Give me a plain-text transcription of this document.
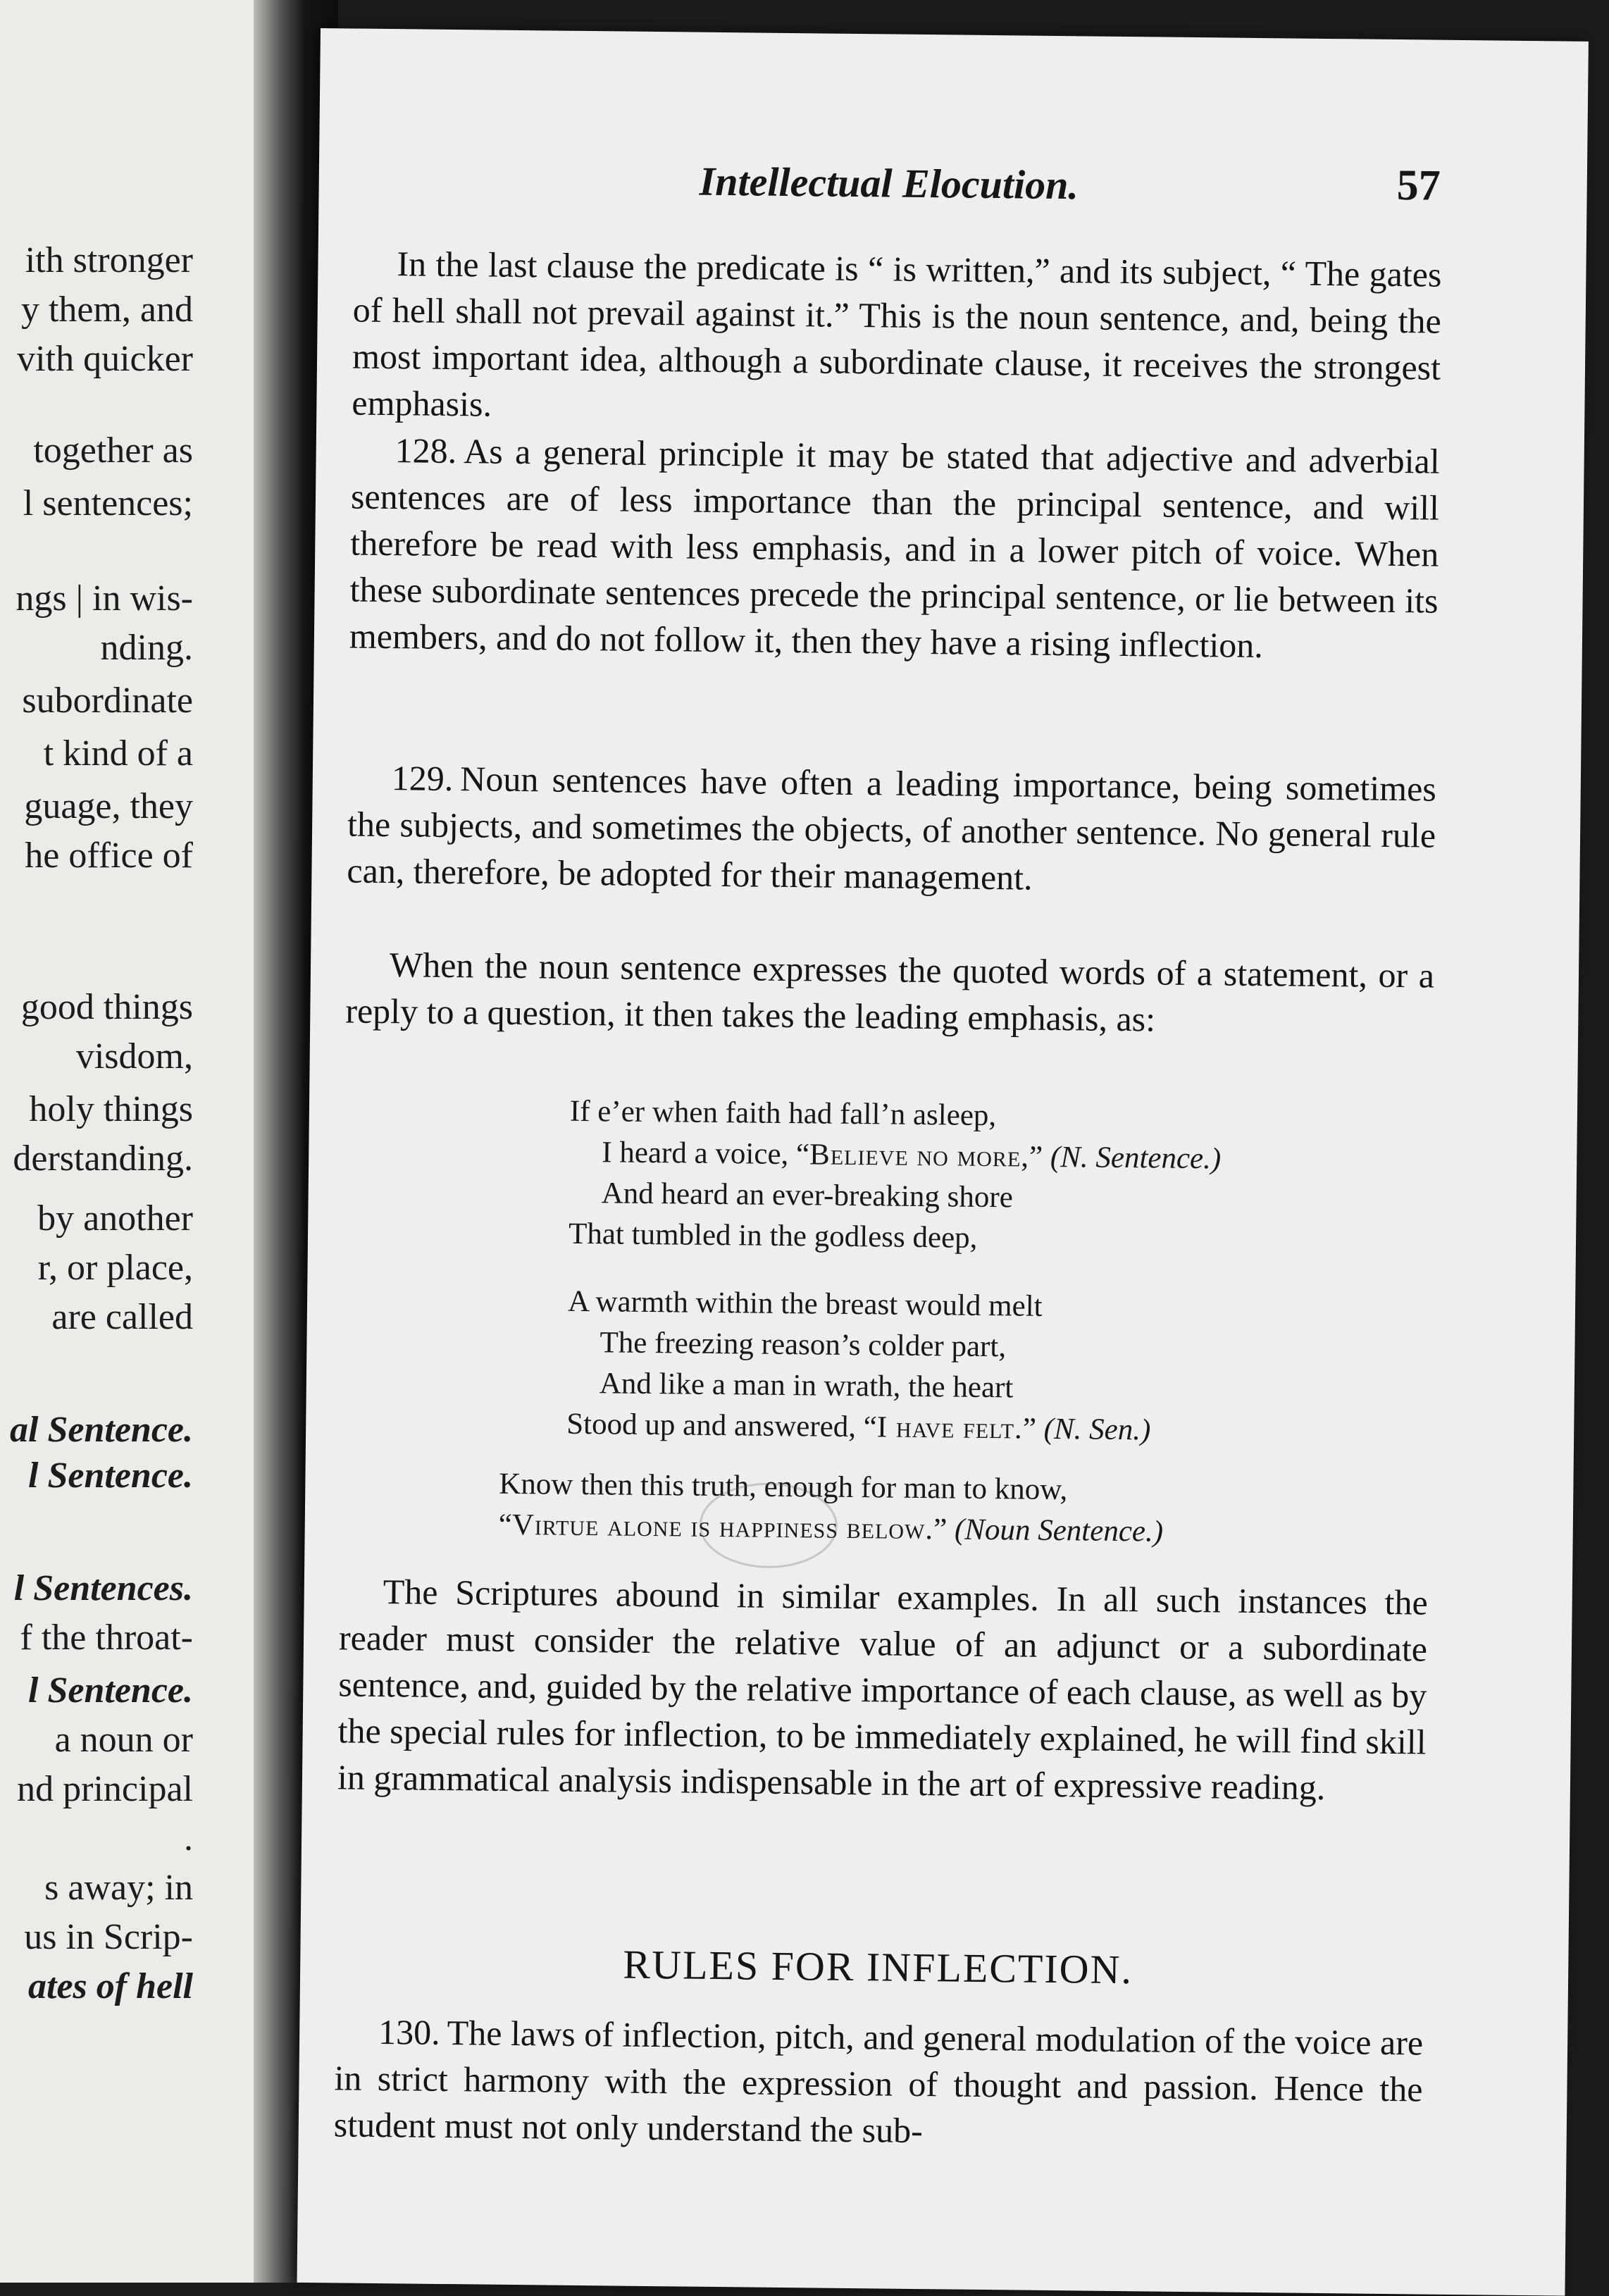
ith stronger
y them, and
vith quicker
together as
l sentences;
ngs | in wis-
nding.
subordinate
t kind of a
guage, they
he office of
good things
visdom,
holy things
derstanding.
by another
r, or place,
are called
al Sentence.
l Sentence.
l Sentences.
f the throat-
l Sentence.
a noun or
nd principal
.
s away; in
us in Scrip-
ates of hell
Intellectual Elocution.	57

In the last clause the predicate is “ is written,” and its subject, “ The gates of hell shall not prevail against it.” This is the noun sentence, and, being the most important idea, although a subordinate clause, it receives the strongest emphasis.

128. As a general principle it may be stated that adjective and adverbial sentences are of less importance than the principal sentence, and will therefore be read with less emphasis, and in a lower pitch of voice. When these subordinate sentences precede the principal sentence, or lie between its members, and do not follow it, then they have a rising inflection.

129. Noun sentences have often a leading importance, being sometimes the subjects, and sometimes the objects, of another sentence. No general rule can, therefore, be adopted for their management.

When the noun sentence expresses the quoted words of a statement, or a reply to a question, it then takes the leading emphasis, as:

If e’er when faith had fall’n asleep,
I heard a voice, “Believe no more,” (N. Sentence.)
And heard an ever-breaking shore
That tumbled in the godless deep,
A warmth within the breast would melt
The freezing reason’s colder part,
And like a man in wrath, the heart
Stood up and answered, “I have felt.” (N. Sen.)
Know then this truth, enough for man to know,
“Virtue alone is happiness below.” (Noun Sentence.)

The Scriptures abound in similar examples. In all such instances the reader must consider the relative value of an adjunct or a subordinate sentence, and, guided by the relative importance of each clause, as well as by the special rules for inflection, to be immediately explained, he will find skill in grammatical analysis indispensable in the art of expressive reading.

RULES FOR INFLECTION.

130. The laws of inflection, pitch, and general modulation of the voice are in strict harmony with the expression of thought and passion. Hence the student must not only understand the sub-
